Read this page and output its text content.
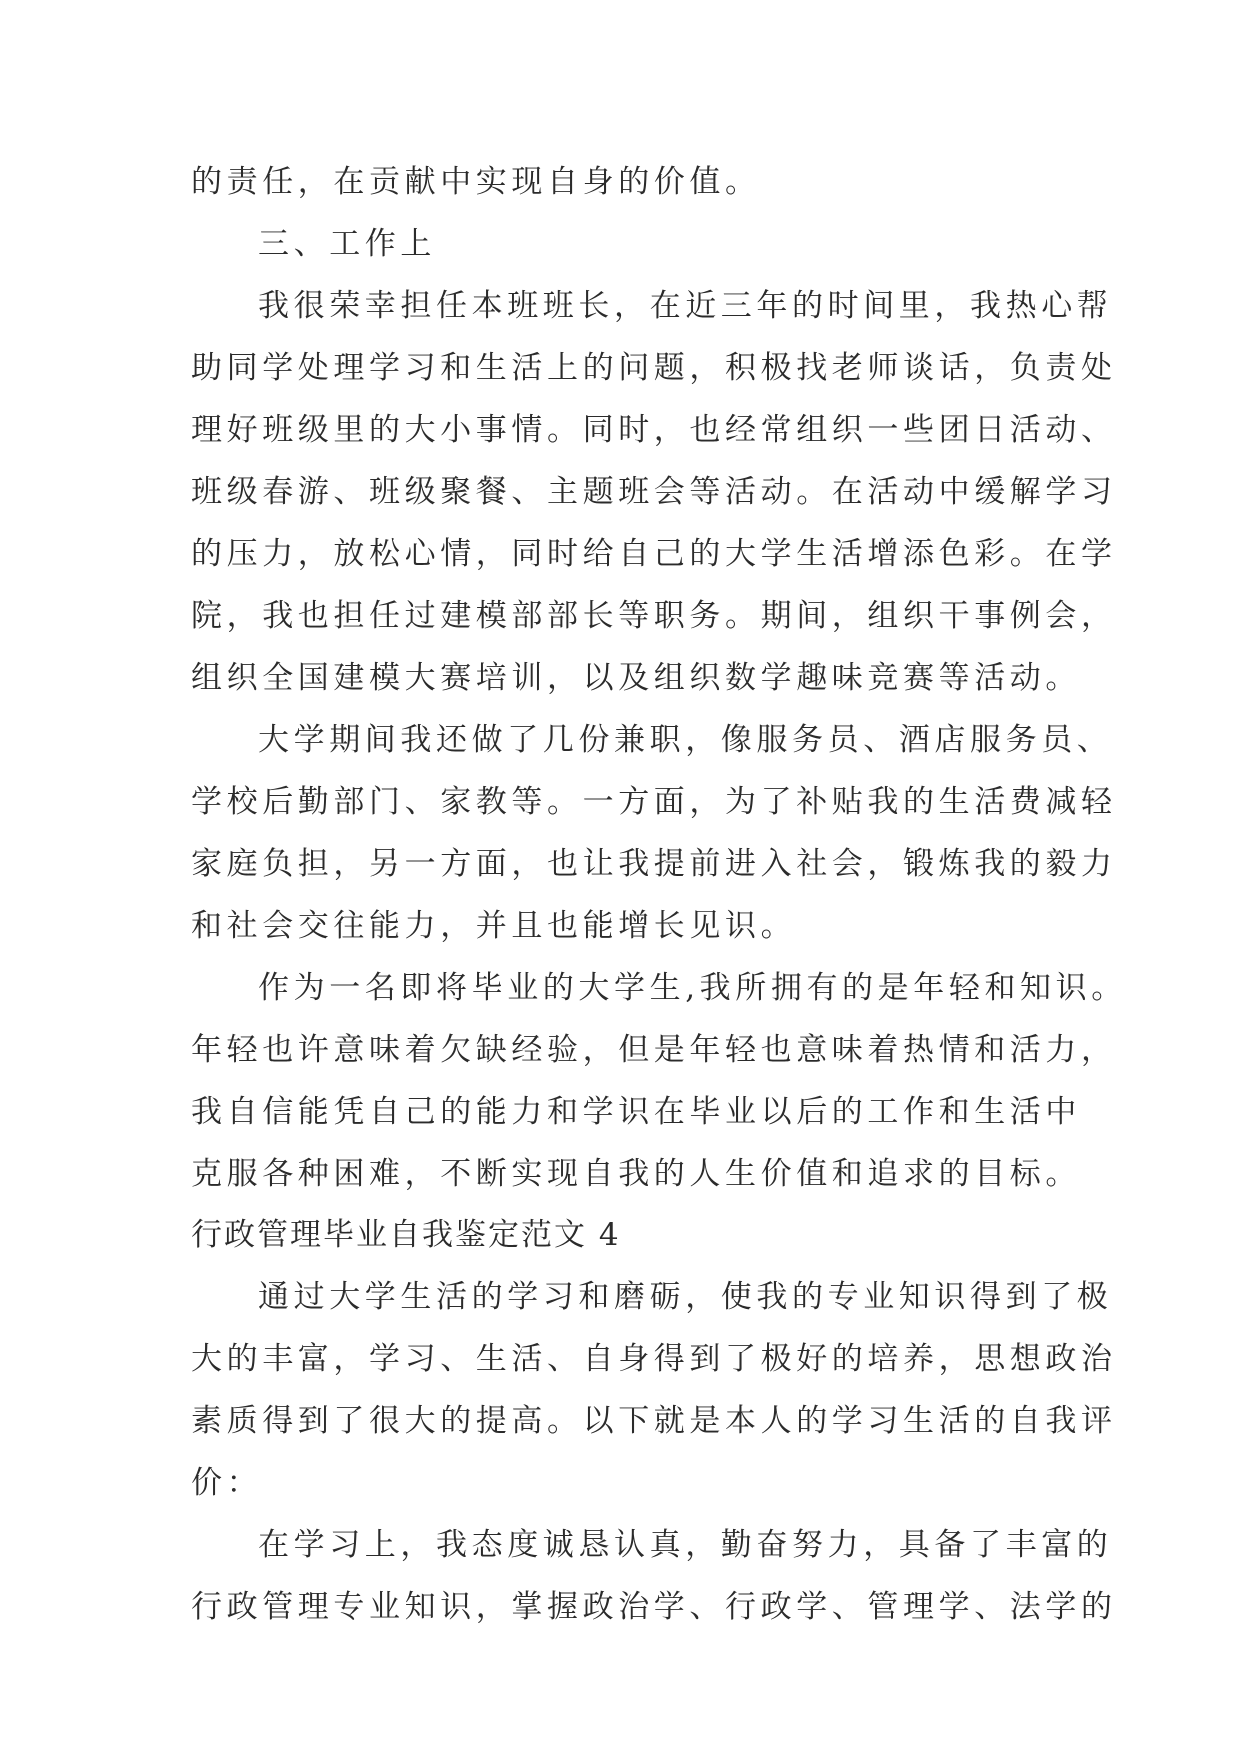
的责任，在贡献中实现自身的价值。
三、工作上
我很荣幸担任本班班长，在近三年的时间里，我热心帮
助同学处理学习和生活上的问题，积极找老师谈话，负责处
理好班级里的大小事情。同时，也经常组织一些团日活动、
班级春游、班级聚餐、主题班会等活动。在活动中缓解学习
的压力，放松心情，同时给自己的大学生活增添色彩。在学
院，我也担任过建模部部长等职务。期间，组织干事例会，
组织全国建模大赛培训，以及组织数学趣味竞赛等活动。
大学期间我还做了几份兼职，像服务员、酒店服务员、
学校后勤部门、家教等。一方面，为了补贴我的生活费减轻
家庭负担，另一方面，也让我提前进入社会，锻炼我的毅力
和社会交往能力，并且也能增长见识。
作为一名即将毕业的大学生,我所拥有的是年轻和知识。
年轻也许意味着欠缺经验，但是年轻也意味着热情和活力，
我自信能凭自己的能力和学识在毕业以后的工作和生活中
克服各种困难，不断实现自我的人生价值和追求的目标。
行政管理毕业自我鉴定范文 4
通过大学生活的学习和磨砺，使我的专业知识得到了极
大的丰富，学习、生活、自身得到了极好的培养，思想政治
素质得到了很大的提高。以下就是本人的学习生活的自我评
价：
在学习上，我态度诚恳认真，勤奋努力，具备了丰富的
行政管理专业知识，掌握政治学、行政学、管理学、法学的
